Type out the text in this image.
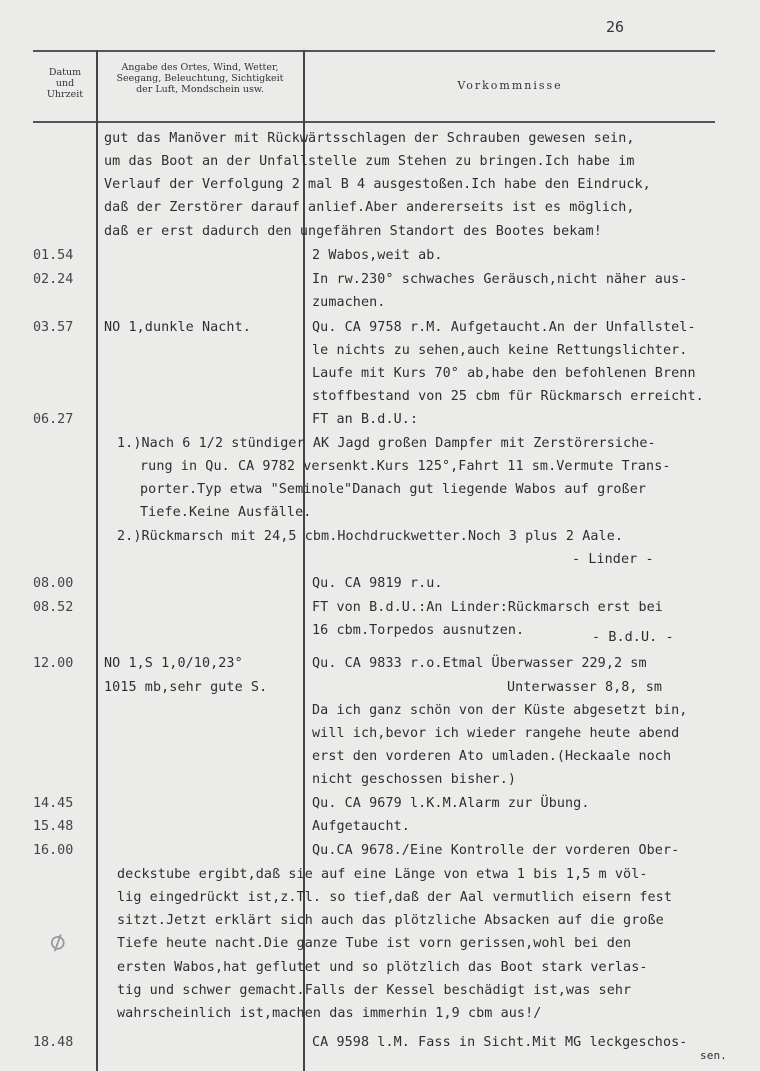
26
Datum
und
Uhrzeit
Angabe des Ortes, Wind, Wetter,
Seegang, Beleuchtung, Sichtigkeit
der Luft, Mondschein usw.	Vorkommnisse
gut das Manöver mit Rückwärtsschlagen der Schrauben gewesen sein,
um das Boot an der Unfallstelle zum Stehen zu bringen.Ich habe im
Verlauf der Verfolgung 2 mal B 4 ausgestoßen.Ich habe den Eindruck,
daß der Zerstörer darauf anlief.Aber andererseits ist es möglich,
daß er erst dadurch den ungefähren Standort des Bootes bekam!
01.54	2 Wabos,weit ab.
02.24	In rw.230° schwaches Geräusch,nicht näher aus-
zumachen.
03.57 NO 1,dunkle Nacht.	Qu. CA 9758 r.M. Aufgetaucht.An der Unfallstel-
le nichts zu sehen,auch keine Rettungslichter.
Laufe mit Kurs 70° ab,habe den befohlenen Brenn
stoffbestand von 25 cbm für Rückmarsch erreicht.
06.27	FT an B.d.U.:
1.)Nach 6 1/2 stündiger AK Jagd großen Dampfer mit Zerstörersiche-
rung in Qu. CA 9782 versenkt.Kurs 125°,Fahrt 11 sm.Vermute Trans-
porter.Typ etwa "Seminole"Danach gut liegende Wabos auf großer
Tiefe.Keine Ausfälle.
2.)Rückmarsch mit 24,5 cbm.Hochdruckwetter.Noch 3 plus 2 Aale.
- Linder -
08.00	Qu. CA 9819 r.u.
08.52	FT von B.d.U.:An Linder:Rückmarsch erst bei
16 cbm.Torpedos ausnutzen.	- B.d.U. -
12.00 NO 1,S 1,0/10,23°	Qu. CA 9833 r.o.Etmal Überwasser 229,2 sm
1015 mb,sehr gute S.	Unterwasser 8,8, sm
Da ich ganz schön von der Küste abgesetzt bin,
will ich,bevor ich wieder rangehe heute abend
erst den vorderen Ato umladen.(Heckaale noch
nicht geschossen bisher.)
14.45	Qu. CA 9679 l.K.M.Alarm zur Übung.
15.48	Aufgetaucht.
16.00	Qu.CA 9678./Eine Kontrolle der vorderen Ober-
deckstube ergibt,daß sie auf eine Länge von etwa 1 bis 1,5 m völ-
lig eingedrückt ist,z.Tl. so tief,daß der Aal vermutlich eisern fest
sitzt.Jetzt erklärt sich auch das plötzliche Absacken auf die große
Tiefe heute nacht.Die ganze Tube ist vorn gerissen,wohl bei den
ersten Wabos,hat geflutet und so plötzlich das Boot stark verlas-
tig und schwer gemacht.Falls der Kessel beschädigt ist,was sehr
wahrscheinlich ist,machen das immerhin 1,9 cbm aus!/
18.48	CA 9598 l.M. Fass in Sicht.Mit MG leckgeschos-
sen.
∅
